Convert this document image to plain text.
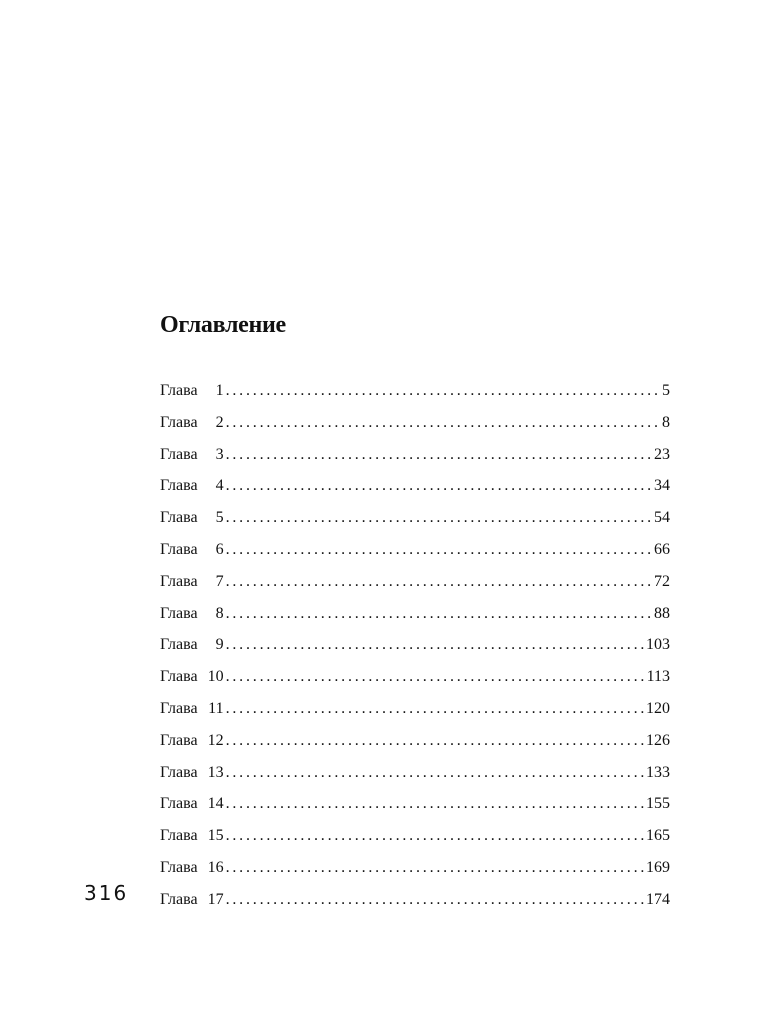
Оглавление
Глава	1 . . .	5
Глава	2 . . .	8
Глава	3 . . .	23
Глава	4 . . .	34
Глава	5 . . .	54
Глава	6 . . .	66
Глава	7 . . .	72
Глава	8 . . .	88
Глава	9 . . .	103
Глава 10 . . .	113
Глава 11 . . .	120
Глава 12 . . .	126
Глава 13 . . .	133
Глава 14 . . .	155
Глава 15 . . .	165
Глава 16 . . .	169
Глава 17 . . .	174
316
